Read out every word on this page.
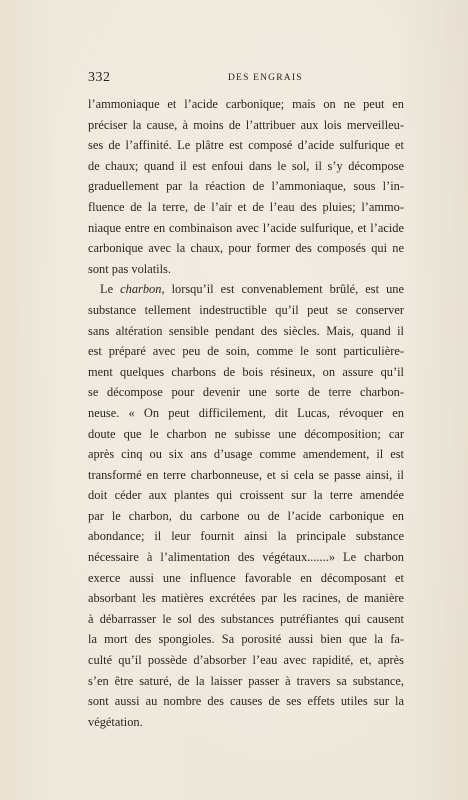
332	DES ENGRAIS

l’ammoniaque et l’acide carbonique; mais on ne peut en
préciser la cause, à moins de l’attribuer aux lois merveilleu-
ses de l’affinité. Le plâtre est composé d’acide sulfurique et
de chaux; quand il est enfoui dans le sol, il s’y décompose
graduellement par la réaction de l’ammoniaque, sous l’in-
fluence de la terre, de l’air et de l’eau des pluies; l’ammo-
niaque entre en combinaison avec l’acide sulfurique, et l’acide
carbonique avec la chaux, pour former des composés qui ne
sont pas volatils.

Le charbon, lorsqu’il est convenablement brûlé, est une
substance tellement indestructible qu’il peut se conserver
sans altération sensible pendant des siècles. Mais, quand il
est préparé avec peu de soin, comme le sont particulière-
ment quelques charbons de bois résineux, on assure qu’il
se décompose pour devenir une sorte de terre charbon-
neuse. « On peut difficilement, dit Lucas, révoquer en
doute que le charbon ne subisse une décomposition; car
après cinq ou six ans d’usage comme amendement, il est
transformé en terre charbonneuse, et si cela se passe ainsi, il
doit céder aux plantes qui croissent sur la terre amendée
par le charbon, du carbone ou de l’acide carbonique en
abondance; il leur fournit ainsi la principale substance
nécessaire à l’alimentation des végétaux.......» Le charbon
exerce aussi une influence favorable en décomposant et
absorbant les matières excrétées par les racines, de manière
à débarrasser le sol des substances putréfiantes qui causent
la mort des spongioles. Sa porosité aussi bien que la fa-
culté qu’il possède d’absorber l’eau avec rapidité, et, après
s’en être saturé, de la laisser passer à travers sa substance,
sont aussi au nombre des causes de ses effets utiles sur la
végétation.
